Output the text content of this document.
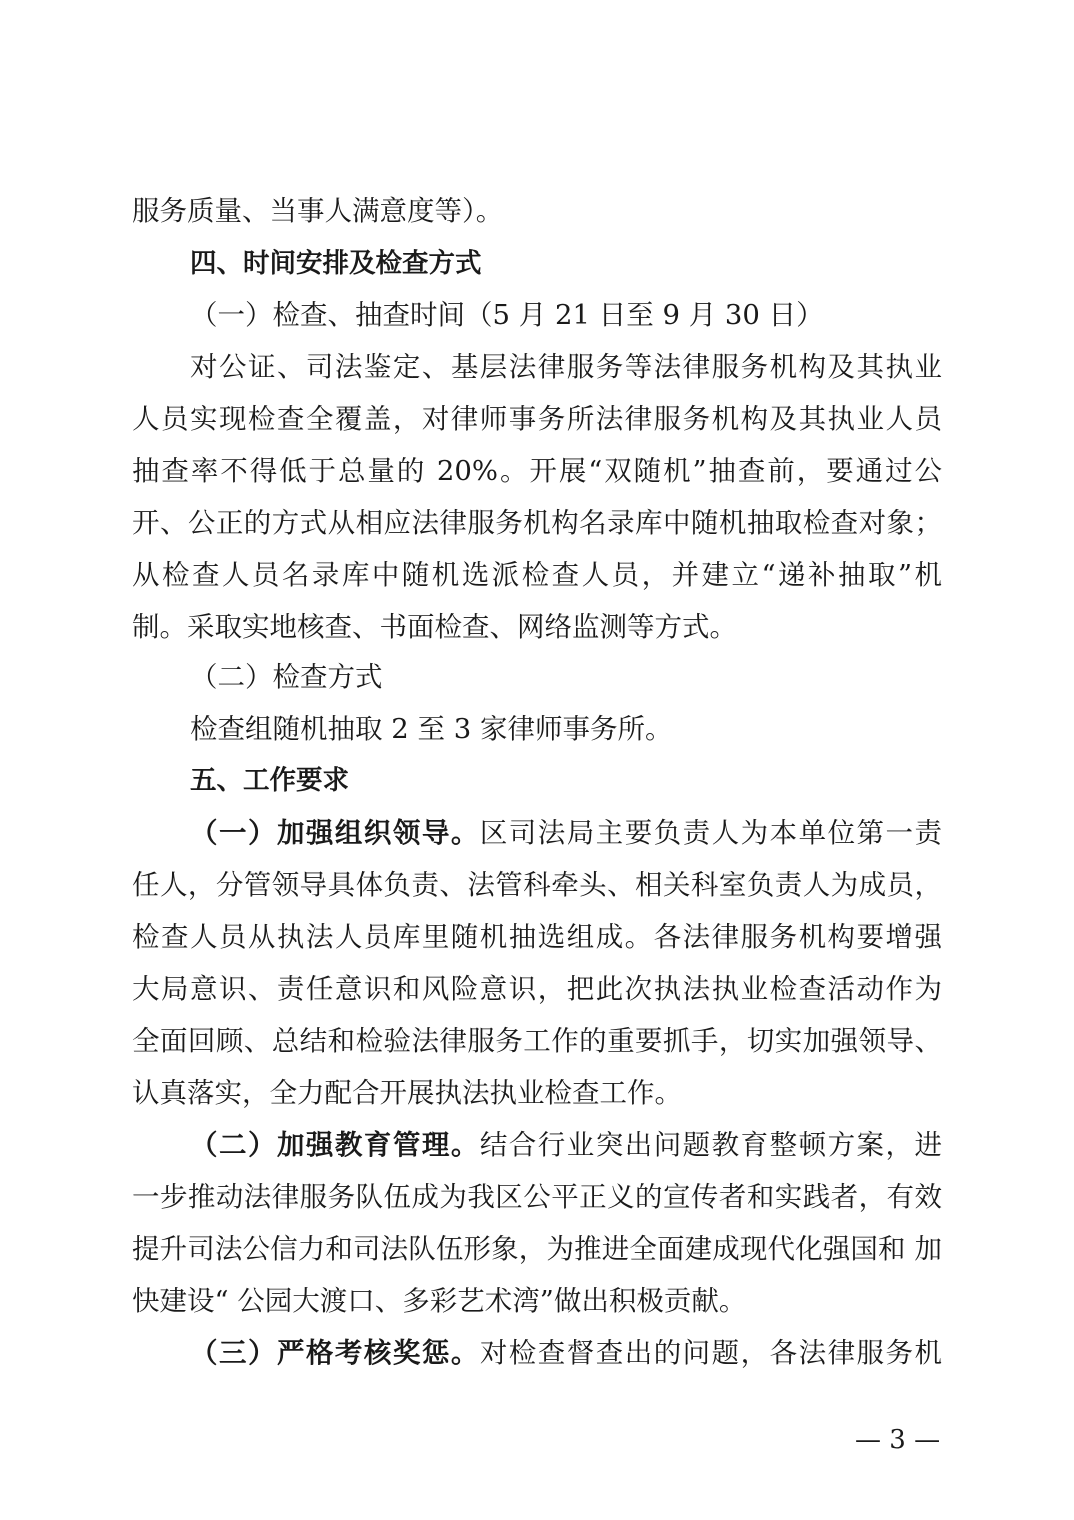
服务质量、当事人满意度等）。
四、时间安排及检查方式
（一）检查、抽查时间（5 月 21 日至 9 月 30 日）
对公证、司法鉴定、基层法律服务等法律服务机构及其执业
人员实现检查全覆盖，对律师事务所法律服务机构及其执业人员
抽查率不得低于总量的 20%。开展“双随机”抽查前，要通过公
开、公正的方式从相应法律服务机构名录库中随机抽取检查对象；
从检查人员名录库中随机选派检查人员，并建立“递补抽取”机
制。采取实地核查、书面检查、网络监测等方式。
（二）检查方式
检查组随机抽取 2 至 3 家律师事务所。
五、工作要求
（一）加强组织领导。区司法局主要负责人为本单位第一责
任人，分管领导具体负责、法管科牵头、相关科室负责人为成员，
检查人员从执法人员库里随机抽选组成。各法律服务机构要增强
大局意识、责任意识和风险意识，把此次执法执业检查活动作为
全面回顾、总结和检验法律服务工作的重要抓手，切实加强领导、
认真落实，全力配合开展执法执业检查工作。
（二）加强教育管理。结合行业突出问题教育整顿方案，进
一步推动法律服务队伍成为我区公平正义的宣传者和实践者，有效
提升司法公信力和司法队伍形象，为推进全面建成现代化强国和 加
快建设“ 公园大渡口、多彩艺术湾”做出积极贡献。
（三）严格考核奖惩。对检查督查出的问题，各法律服务机
— 3 —
